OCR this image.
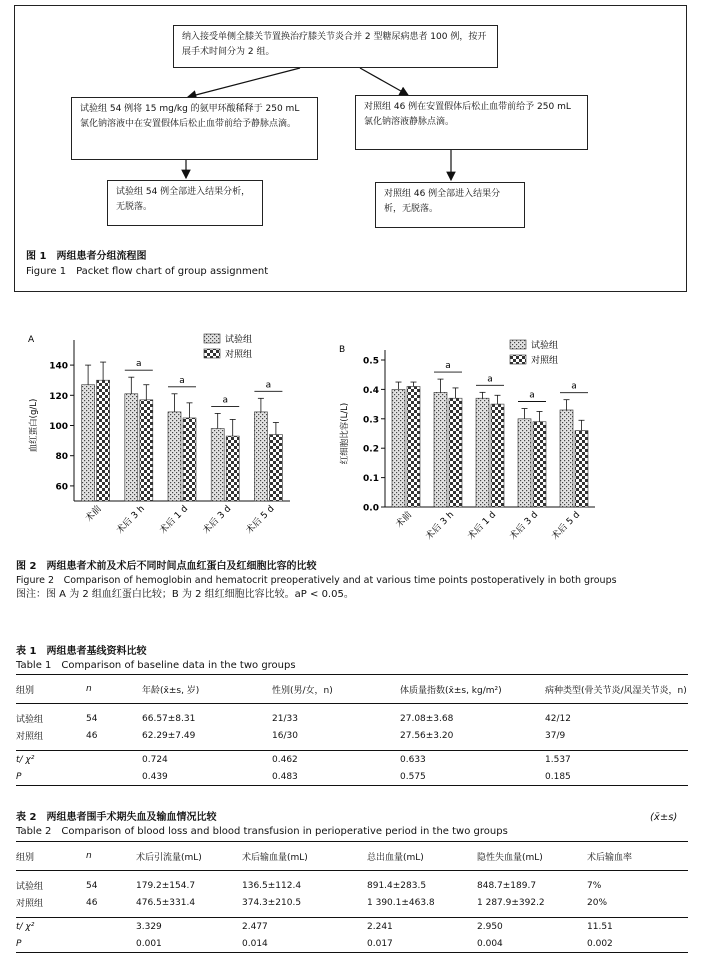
纳入接受单侧全膝关节置换治疗膝关节炎合并 2 型糖尿病患者 100 例，按开展手术时间分为 2 组。
试验组 54 例将 15 mg/kg 的氨甲环酸稀释于 250 mL 氯化钠溶液中在安置假体后松止血带前给予静脉点滴。
对照组 46 例在安置假体后松止血带前给予 250 mL 氯化钠溶液静脉点滴。
试验组 54 例全部进入结果分析，无脱落。
对照组 46 例全部进入结果分析，无脱落。
图 1　两组患者分组流程图
Figure 1　Packet flow chart of group assignment
A
60
80
100
120
140
血红蛋白(g/L)
术前
a
术后 3 h
a
术后 1 d
a
术后 3 d
a
术后 5 d
试验组
对照组	B
0.0
0.1
0.2
0.3
0.4
0.5
红细胞比容(L/L)
术前
a
术后 3 h
a
术后 1 d
a
术后 3 d
a
术后 5 d
试验组
对照组
图 2　两组患者术前及术后不同时间点血红蛋白及红细胞比容的比较
Figure 2　Comparison of hemoglobin and hematocrit preoperatively and at various time points postoperatively in both groups
图注：图 A 为 2 组血红蛋白比较；B 为 2 组红细胞比容比较。aP < 0.05。
表 1　两组患者基线资料比较
Table 1　Comparison of baseline data in the two groups
组别	n	年龄(x̄±s, 岁)	性别(男/女，n)	体质量指数(x̄±s, kg/m²)	病种类型(骨关节炎/风湿关节炎，n)

试验组	54	66.57±8.31	21/33	27.08±3.68	42/12
对照组	46	62.29±7.49	16/30	27.56±3.20	37/9

t/ χ²		0.724	0.462	0.633	1.537
P		0.439	0.483	0.575	0.185
表 2　两组患者围手术期失血及输血情况比较	(x̄±s)
Table 2　Comparison of blood loss and blood transfusion in perioperative period in the two groups
组别	n	术后引流量(mL)	术后输血量(mL)	总出血量(mL)	隐性失血量(mL)	术后输血率

试验组	54	179.2±154.7	136.5±112.4	891.4±283.5	848.7±189.7	7%
对照组	46	476.5±331.4	374.3±210.5	1 390.1±463.8	1 287.9±392.2	20%

t/ χ²		3.329	2.477	2.241	2.950	11.51
P		0.001	0.014	0.017	0.004	0.002
